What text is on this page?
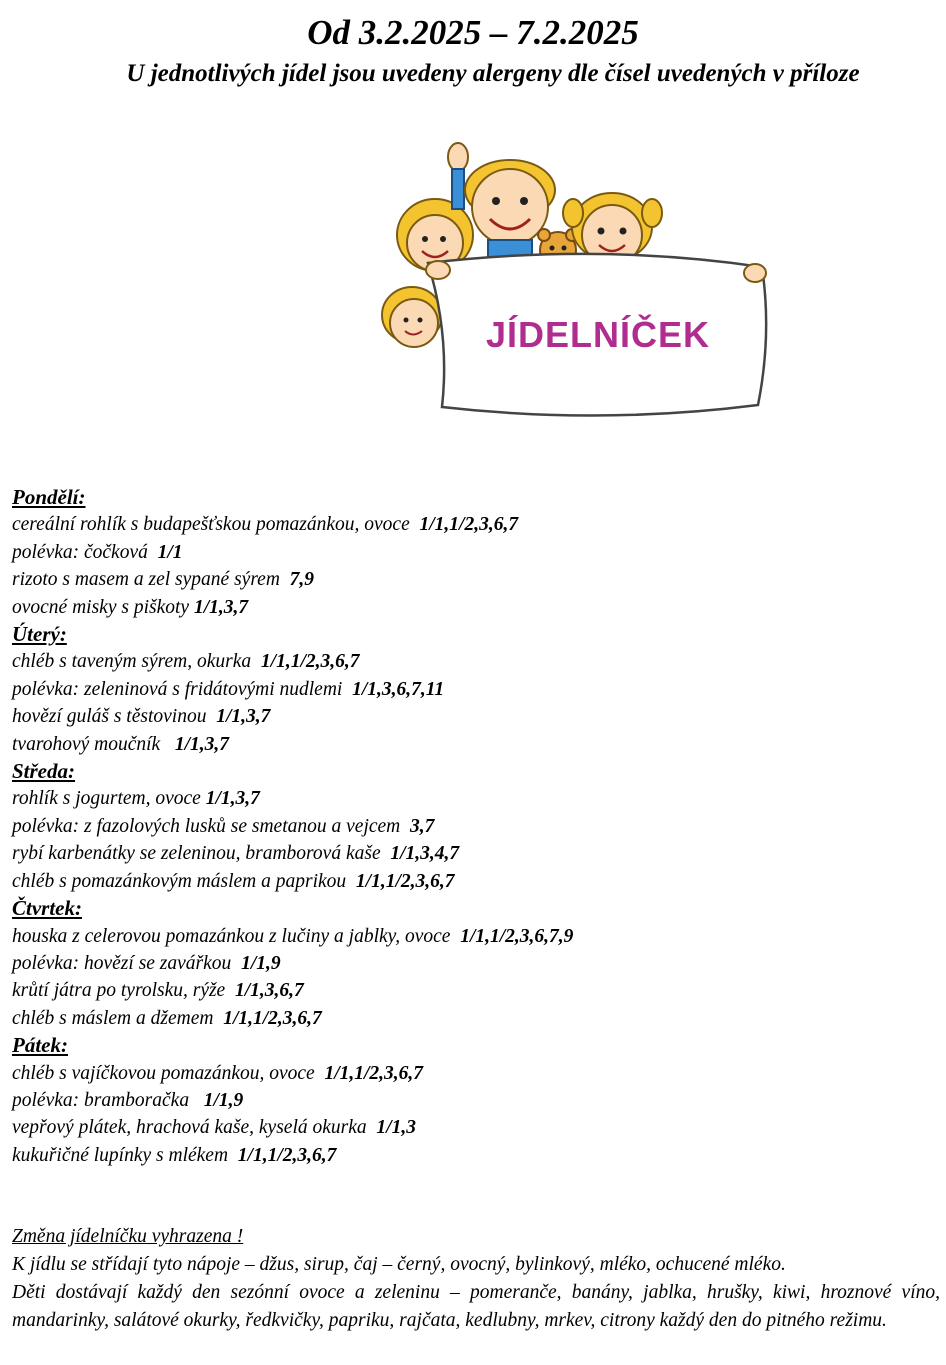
Od 3.2.2025 – 7.2.2025
U jednotlivých jídel jsou uvedeny alergeny dle čísel uvedených v příloze
JÍDELNÍČEK
Pondělí:
cereální rohlík s budapešťskou pomazánkou, ovoce 1/1,1/2,3,6,7
polévka: čočková 1/1
rizoto s masem a zel sypané sýrem 7,9
ovocné misky s piškoty 1/1,3,7
Úterý:
chléb s taveným sýrem, okurka 1/1,1/2,3,6,7
polévka: zeleninová s fridátovými nudlemi 1/1,3,6,7,11
hovězí guláš s těstovinou 1/1,3,7
tvarohový moučník 1/1,3,7
Středa:
rohlík s jogurtem, ovoce 1/1,3,7
polévka: z fazolových lusků se smetanou a vejcem 3,7
rybí karbenátky se zeleninou, bramborová kaše 1/1,3,4,7
chléb s pomazánkovým máslem a paprikou 1/1,1/2,3,6,7
Čtvrtek:
houska z celerovou pomazánkou z lučiny a jablky, ovoce 1/1,1/2,3,6,7,9
polévka: hovězí se zavářkou 1/1,9
krůtí játra po tyrolsku, rýže 1/1,3,6,7
chléb s máslem a džemem 1/1,1/2,3,6,7
Pátek:
chléb s vajíčkovou pomazánkou, ovoce 1/1,1/2,3,6,7
polévka: bramboračka 1/1,9
vepřový plátek, hrachová kaše, kyselá okurka 1/1,3
kukuřičné lupínky s mlékem 1/1,1/2,3,6,7
Změna jídelníčku vyhrazena !
K jídlu se střídají tyto nápoje – džus, sirup, čaj – černý, ovocný, bylinkový, mléko, ochucené mléko.
Děti dostávají každý den sezónní ovoce a zeleninu – pomeranče, banány, jablka, hrušky, kiwi, hroznové víno, mandarinky, salátové okurky, ředkvičky, papriku, rajčata, kedlubny, mrkev, citrony každý den do pitného režimu.
